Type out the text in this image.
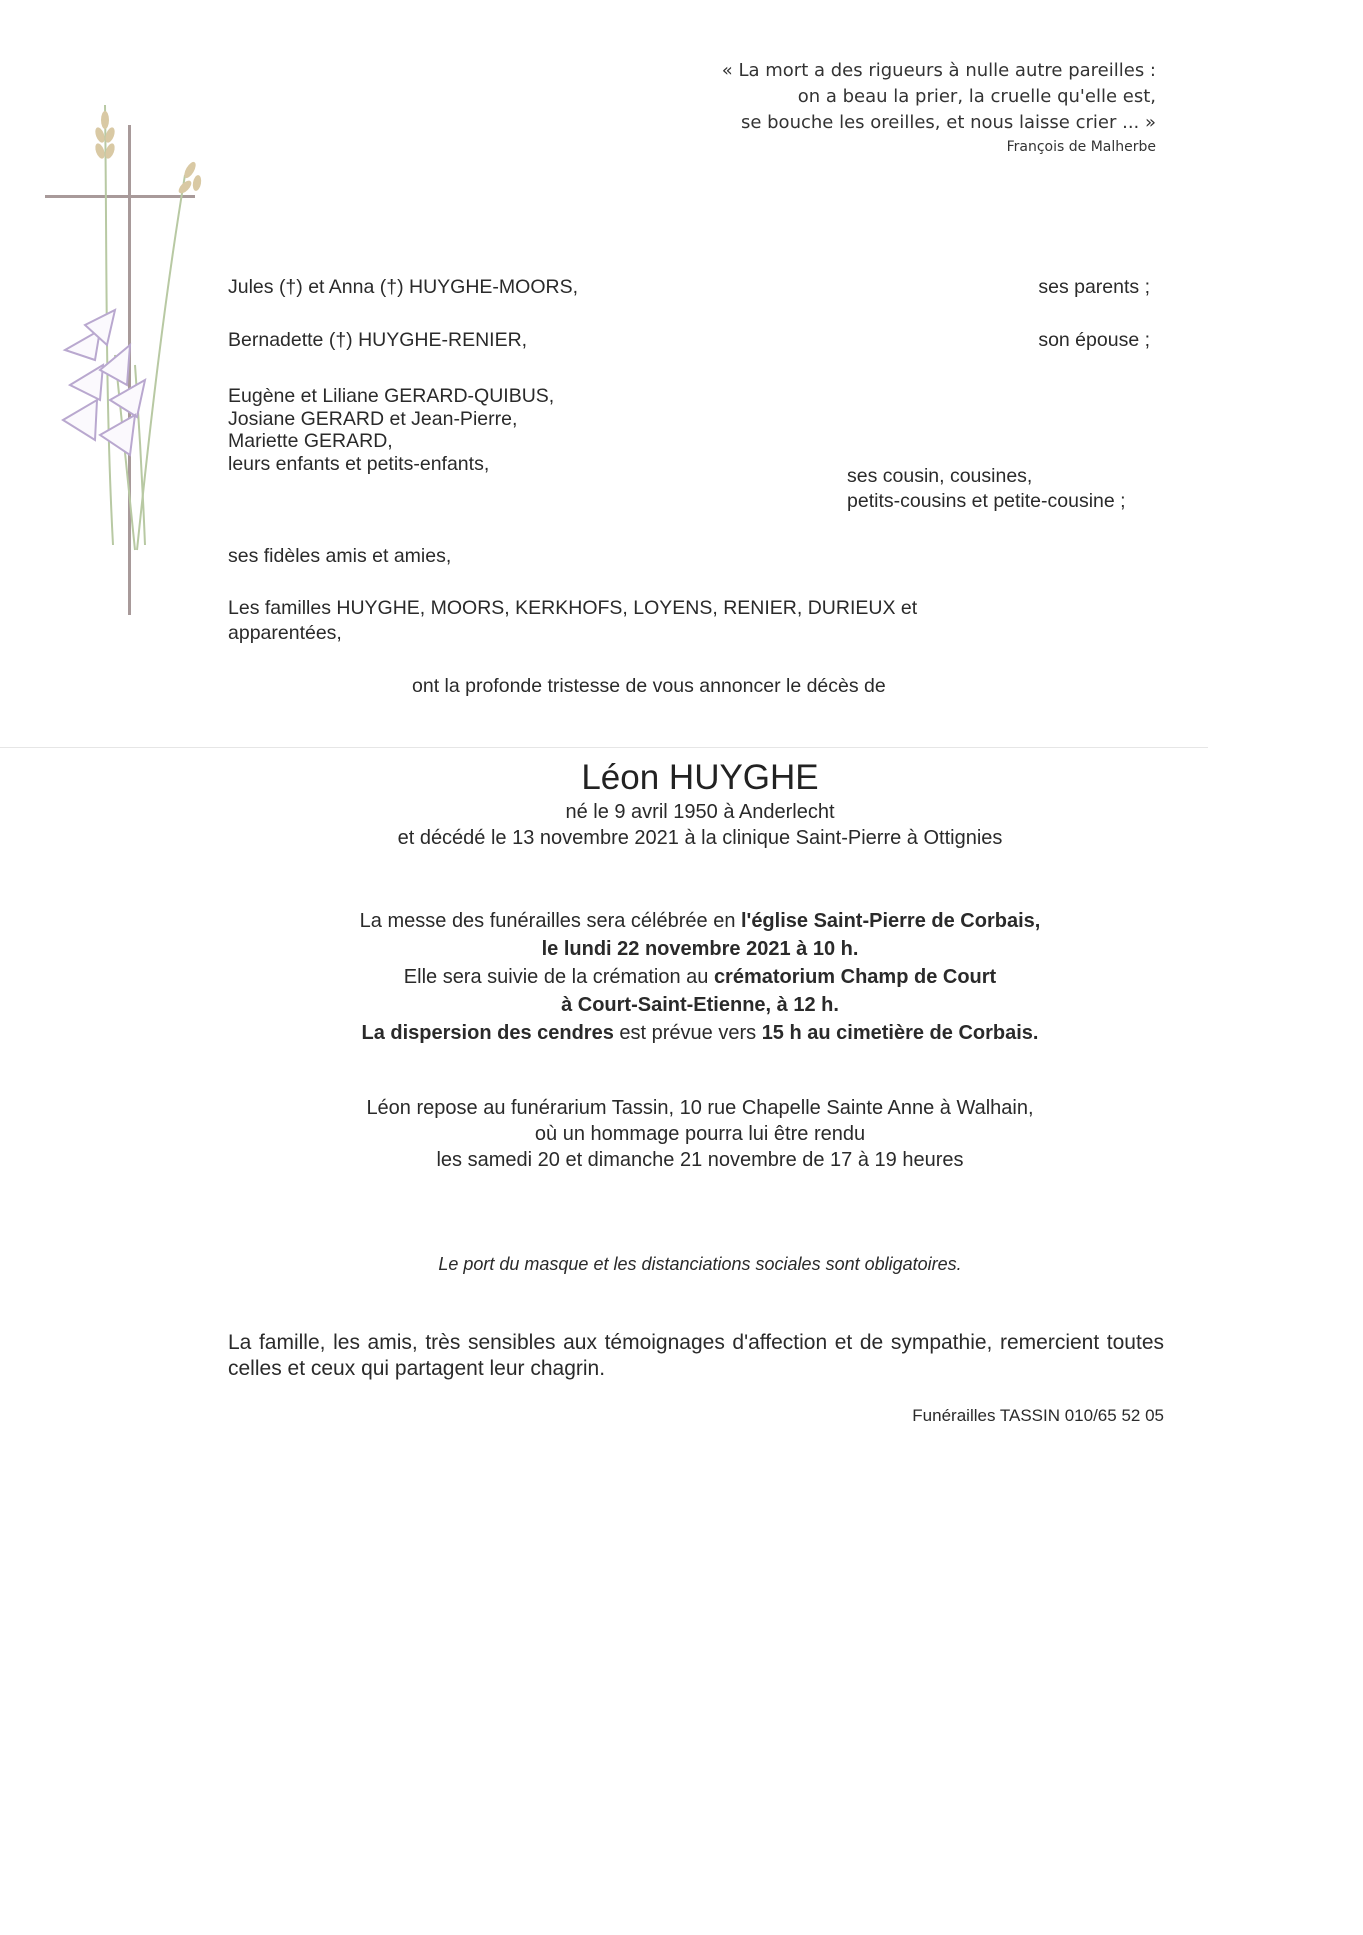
« La mort a des rigueurs à nulle autre pareilles :
on a beau la prier, la cruelle qu'elle est,
se bouche les oreilles, et nous laisse crier ... »
François de Malherbe
Jules (†) et Anna (†) HUYGHE-MOORS,	ses parents ;
Bernadette (†) HUYGHE-RENIER,	son épouse ;
Eugène et Liliane GERARD-QUIBUS,
Josiane GERARD et Jean-Pierre,
Mariette GERARD,
leurs enfants et petits-enfants,
ses cousin, cousines,
petits-cousins et petite-cousine ;
ses fidèles amis et amies,
Les familles HUYGHE, MOORS, KERKHOFS, LOYENS, RENIER, DURIEUX et
apparentées,
ont la profonde tristesse de vous annoncer le décès de
Léon HUYGHE
né le 9 avril 1950 à Anderlecht
et décédé le 13 novembre 2021 à la clinique Saint-Pierre à Ottignies
La messe des funérailles sera célébrée en l'église Saint-Pierre de Corbais,
le lundi 22 novembre 2021 à 10 h.
Elle sera suivie de la crémation au crématorium Champ de Court
à Court-Saint-Etienne, à 12 h.
La dispersion des cendres est prévue vers 15 h au cimetière de Corbais.
Léon repose au funérarium Tassin, 10 rue Chapelle Sainte Anne à Walhain,
où un hommage pourra lui être rendu
les samedi 20 et dimanche 21 novembre de 17 à 19 heures
Le port du masque et les distanciations sociales sont obligatoires.
La famille, les amis, très sensibles aux témoignages d'affection et de sympathie, remercient toutes celles et ceux qui partagent leur chagrin.
Funérailles TASSIN 010/65 52 05
